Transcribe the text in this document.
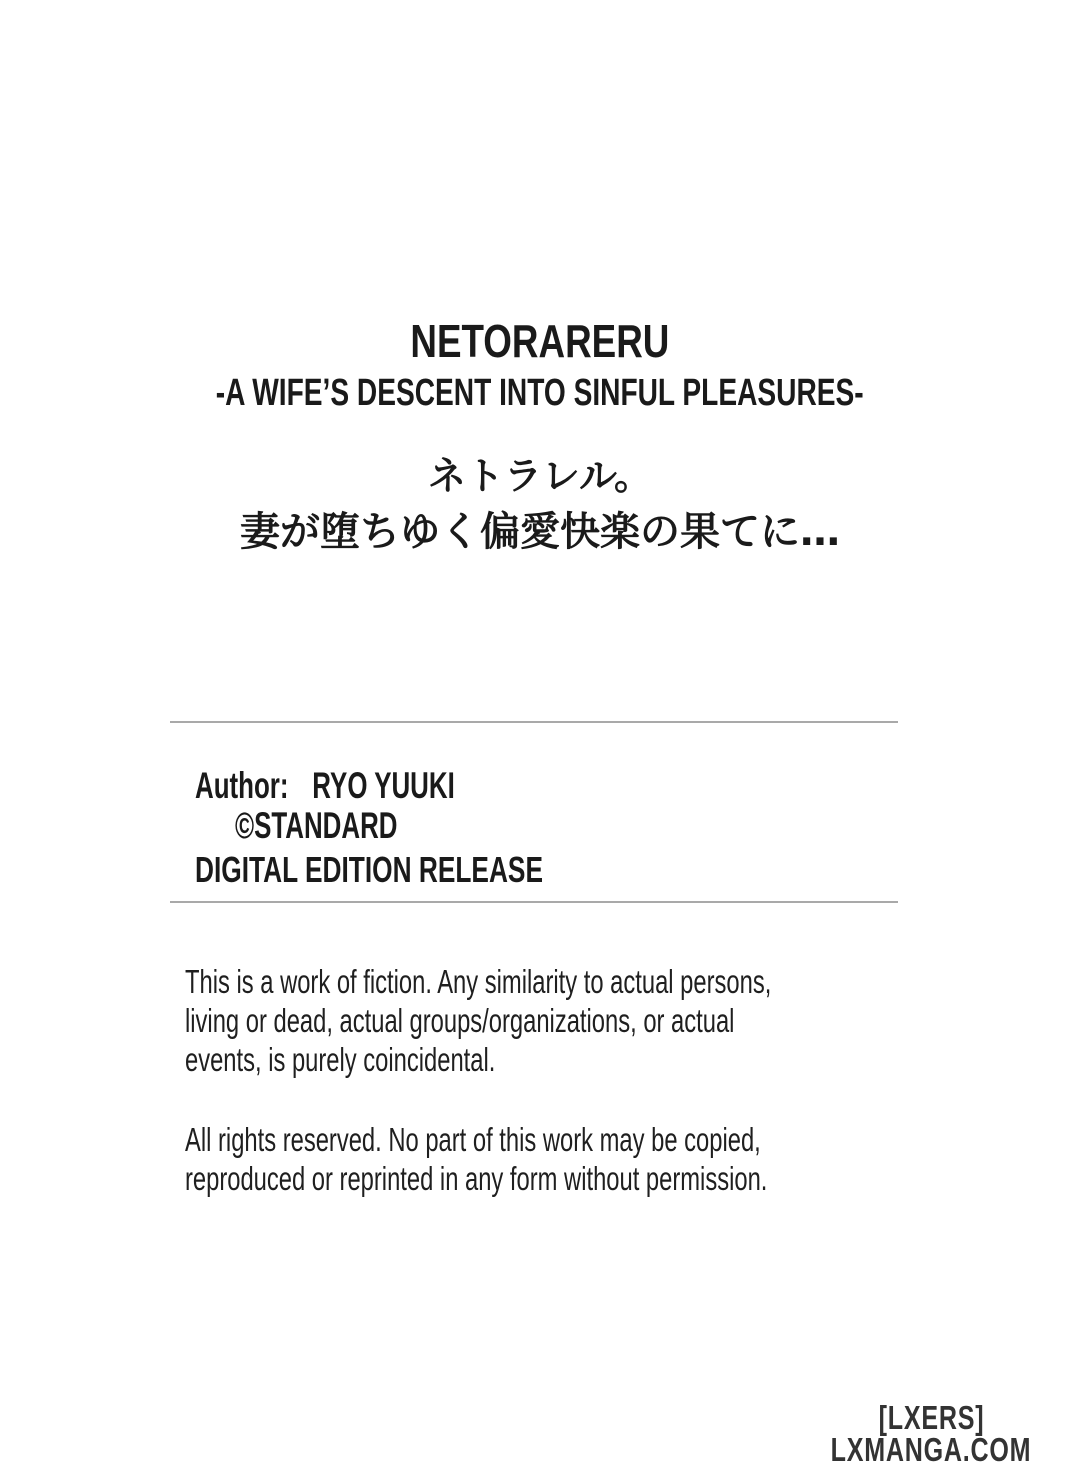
NETORARERU
-A WIFE’S DESCENT INTO SINFUL PLEASURES-
ネトラレル。
妻が堕ちゆく偏愛快楽の果てに…
Author: RYO YUUKI
©STANDARD
DIGITAL EDITION RELEASE
This is a work of fiction. Any similarity to actual persons,
living or dead, actual groups/organizations, or actual
events, is purely coincidental.
All rights reserved. No part of this work may be copied,
reproduced or reprinted in any form without permission.
[LXERS]
LXMANGA.COM
